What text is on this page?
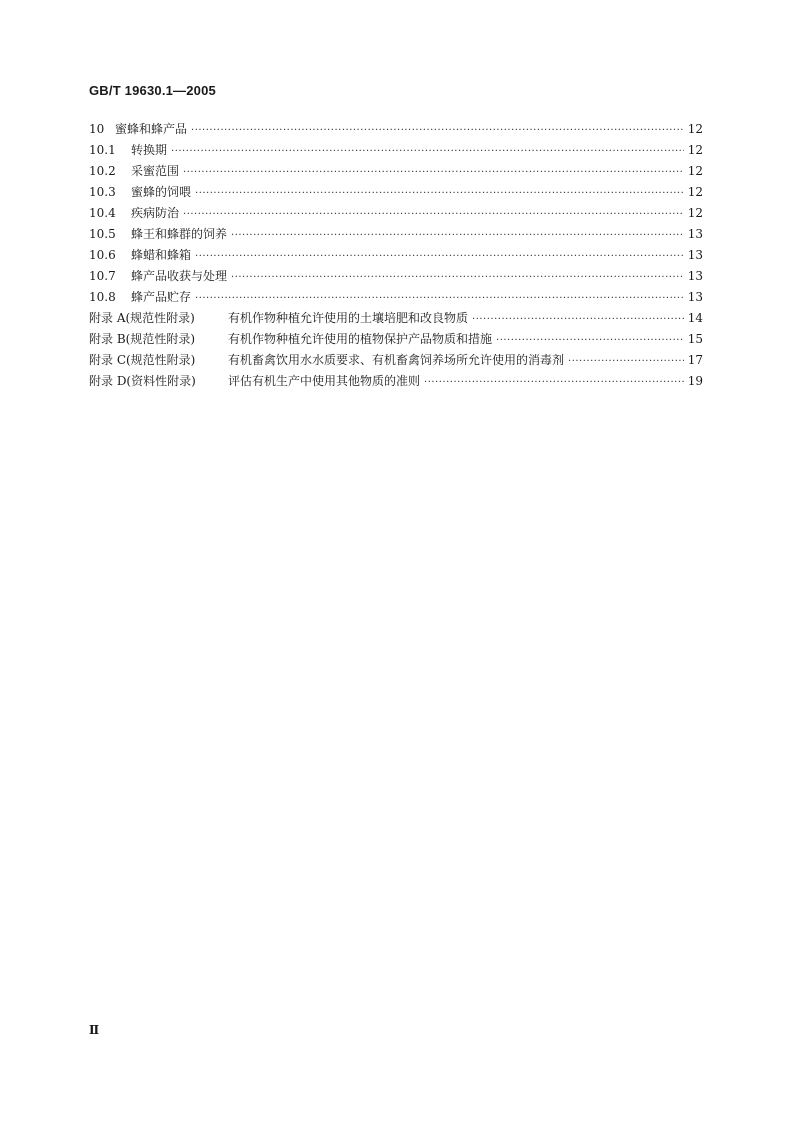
GB/T 19630.1—2005
10 蜜蜂和蜂产品 ·····	12
10.1	转换期 ·····	12
10.2	采蜜范围 ·····	12
10.3	蜜蜂的饲喂 ·····	12
10.4	疾病防治 ·····	12
10.5	蜂王和蜂群的饲养 ·····	13
10.6	蜂蜡和蜂箱 ·····	13
10.7	蜂产品收获与处理 ·····	13
10.8	蜂产品贮存 ·····	13
附录 A(规范性附录)	有机作物种植允许使用的土壤培肥和改良物质 ·····	14
附录 B(规范性附录)	有机作物种植允许使用的植物保护产品物质和措施 ·····	15
附录 C(规范性附录)	有机畜禽饮用水水质要求、有机畜禽饲养场所允许使用的消毒剂 ·····	17
附录 D(资料性附录)	评估有机生产中使用其他物质的准则 ·····	19
Ⅱ
